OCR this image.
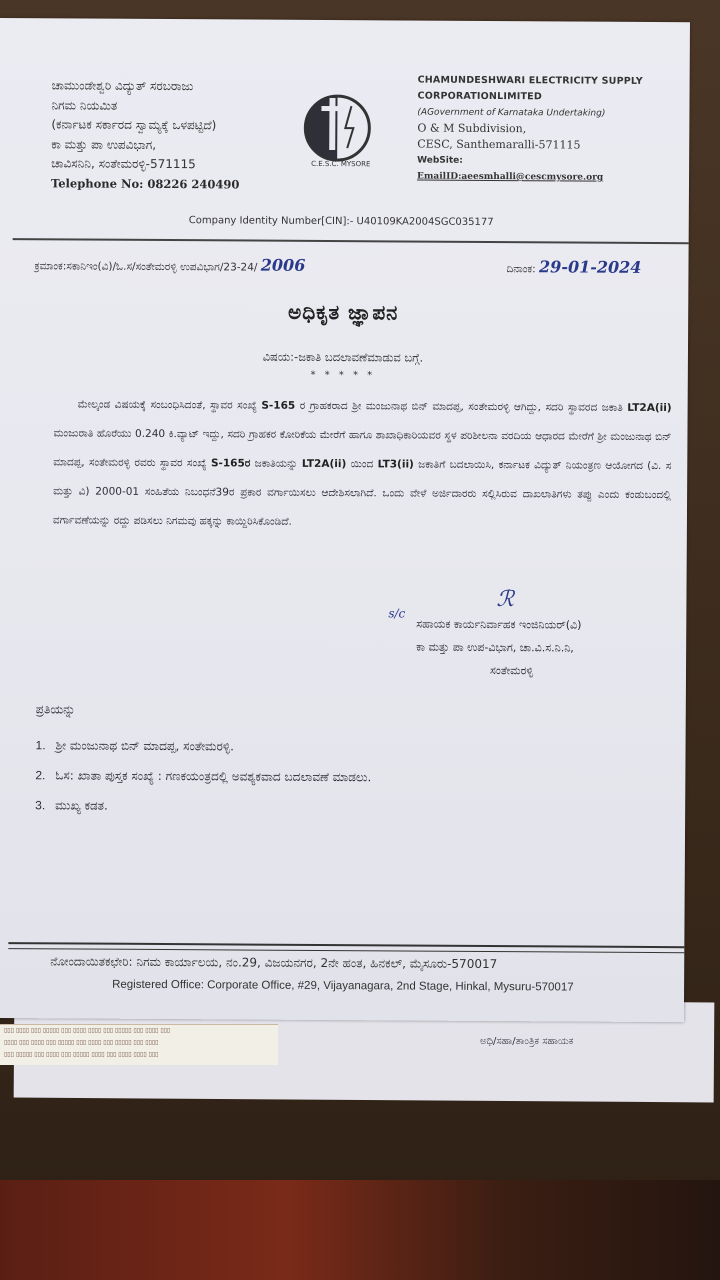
ಅಧಿ/ಸಹಾ/ತಾಂತ್ರಿಕ ಸಹಾಯಕ
▯▯▯ ▯▯▯▯ ▯▯▯ ▯▯▯▯▯ ▯▯▯ ▯▯▯▯ ▯▯▯▯ ▯▯▯ ▯▯▯▯▯ ▯▯▯ ▯▯▯▯ ▯▯▯
▯▯▯▯ ▯▯▯ ▯▯▯▯ ▯▯▯ ▯▯▯▯▯ ▯▯▯ ▯▯▯▯ ▯▯▯ ▯▯▯▯▯ ▯▯▯ ▯▯▯▯
▯▯▯ ▯▯▯▯▯ ▯▯▯ ▯▯▯▯ ▯▯▯ ▯▯▯▯▯ ▯▯▯▯ ▯▯▯ ▯▯▯▯ ▯▯▯▯ ▯▯▯
ಚಾಮುಂಡೇಶ್ವರಿ ವಿದ್ಯುತ್ ಸರಬರಾಜು
ನಿಗಮ ನಿಯಮಿತ
(ಕರ್ನಾಟಕ ಸರ್ಕಾರದ ಸ್ವಾಮ್ಯಕ್ಕೆ ಒಳಪಟ್ಟಿದೆ)
ಕಾ ಮತ್ತು ಪಾ ಉಪವಿಭಾಗ,
ಚಾವಿಸನಿನಿ, ಸಂತೇಮರಳ್ಳಿ-571115
Telephone No: 08226 240490
C.E.S.C. MYSORE
CHAMUNDESHWARI ELECTRICITY SUPPLY
CORPORATIONLIMITED
(AGovernment of Karnataka Undertaking)
O & M Subdivision,
CESC, Santhemaralli-571115
WebSite:
EmailID:aeesmhalli@cescmysore.org
Company Identity Number[CIN]:- U40109KA2004SGC035177
ಕ್ರಮಾಂಕ:ಸಕಾನಿಇಂ(ವಿ)/ಓ.ಸ/ಸಂತೇಮರಳ್ಳಿ ಉಪವಿಭಾಗ/23-24/ 2006	ದಿನಾಂಕ: 29-01-2024
ಅಧಿಕೃತ ಜ್ಞಾಪನ
ವಿಷಯ:-ಜಕಾತಿ ಬದಲಾವಣೆಮಾಡುವ ಬಗ್ಗೆ.
* * * * *
ಮೇಲ್ಕಂಡ ವಿಷಯಕ್ಕೆ ಸಂಬಂಧಿಸಿದಂತೆ, ಸ್ಥಾವರ ಸಂಖ್ಯೆ S-165 ರ ಗ್ರಾಹಕರಾದ ಶ್ರೀ ಮಂಜುನಾಥ ಬಿನ್ ಮಾದಪ್ಪ, ಸಂತೇಮರಳ್ಳಿ ಆಗಿದ್ದು, ಸದರಿ ಸ್ಥಾವರದ ಜಕಾತಿ LT2A(ii) ಮಂಜುರಾತಿ ಹೊರೆಯು 0.240 ಕಿ.ವ್ಯಾಟ್ ಇದ್ದು, ಸದರಿ ಗ್ರಾಹಕರ ಕೋರಿಕೆಯ ಮೇರೆಗೆ ಹಾಗೂ ಶಾಖಾಧಿಕಾರಿಯವರ ಸ್ಥಳ ಪರಿಶೀಲನಾ ವರದಿಯ ಆಧಾರದ ಮೇರೆಗೆ ಶ್ರೀ ಮಂಜುನಾಥ ಬಿನ್ ಮಾದಪ್ಪ, ಸಂತೇಮರಳ್ಳಿ ರವರು ಸ್ಥಾವರ ಸಂಖ್ಯೆ S-165ರ ಜಕಾತಿಯನ್ನು LT2A(ii) ಯಿಂದ LT3(ii) ಜಕಾತಿಗೆ ಬದಲಾಯಿಸಿ, ಕರ್ನಾಟಕ ವಿದ್ಯುತ್ ನಿಯಂತ್ರಣ ಆಯೋಗದ (ವಿ. ಸ ಮತ್ತು ವಿ) 2000-01 ಸಂಹಿತೆಯ ನಿಬಂಧನೆ39ರ ಪ್ರಕಾರ ವರ್ಗಾಯಿಸಲು ಆದೇಶಿಸಲಾಗಿದೆ. ಒಂದು ವೇಳೆ ಅರ್ಜಿದಾರರು ಸಲ್ಲಿಸಿರುವ ದಾಖಲಾತಿಗಳು ತಪ್ಪು ಎಂದು ಕಂಡುಬಂದಲ್ಲಿ ವರ್ಗಾವಣೆಯನ್ನು ರದ್ದು ಪಡಿಸಲು ನಿಗಮವು ಹಕ್ಕನ್ನು ಕಾಯ್ದಿರಿಸಿಕೊಂಡಿದೆ.
ℛ
s/c
ಸಹಾಯಕ ಕಾರ್ಯನಿರ್ವಾಹಕ ಇಂಜಿನಿಯರ್(ವಿ)
ಕಾ ಮತ್ತು ಪಾ ಉಪ-ವಿಭಾಗ, ಚಾ.ವಿ.ಸ.ನಿ.ನಿ,
ಸಂತೇಮರಳ್ಳಿ
ಪ್ರತಿಯನ್ನು
1. ಶ್ರೀ ಮಂಜುನಾಥ ಬಿನ್ ಮಾದಪ್ಪ, ಸಂತೇಮರಳ್ಳಿ.
2. ಓಸ: ಖಾತಾ ಪುಸ್ತಕ ಸಂಖ್ಯೆ : ಗಣಕಯಂತ್ರದಲ್ಲಿ ಅವಶ್ಯಕವಾದ ಬದಲಾವಣೆ ಮಾಡಲು.
3. ಮುಖ್ಯ ಕಡತ.
ನೋಂದಾಯಿತಕಛೇರಿ: ನಿಗಮ ಕಾರ್ಯಾಲಯ, ನಂ.29, ವಿಜಯನಗರ, 2ನೇ ಹಂತ, ಹಿನಕಲ್, ಮೈಸೂರು-570017
Registered Office: Corporate Office, #29, Vijayanagara, 2nd Stage, Hinkal, Mysuru-570017
